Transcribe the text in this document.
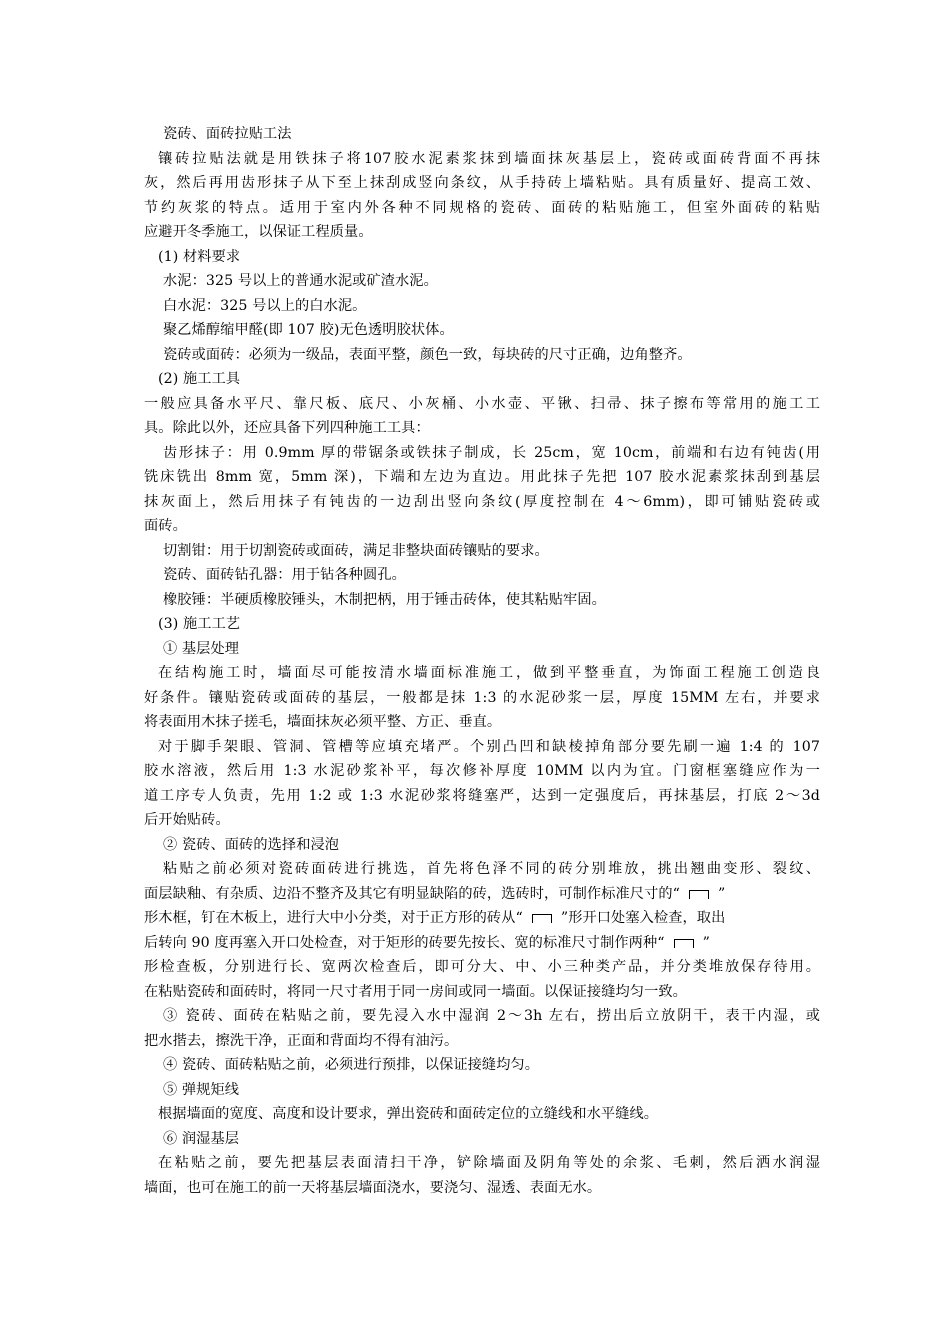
瓷砖、面砖拉贴工法
镶砖拉贴法就是用铁抹子将107胶水泥素浆抹到墙面抹灰基层上，瓷砖或面砖背面不再抹
灰，然后再用齿形抹子从下至上抹刮成竖向条纹，从手持砖上墙粘贴。具有质量好、提高工效、
节约灰浆的特点。适用于室内外各种不同规格的瓷砖、面砖的粘贴施工，但室外面砖的粘贴
应避开冬季施工，以保证工程质量。
(1) 材料要求
水泥：325 号以上的普通水泥或矿渣水泥。
白水泥：325 号以上的白水泥。
聚乙烯醇缩甲醛(即 107 胶)无色透明胶状体。
瓷砖或面砖：必须为一级品，表面平整，颜色一致，每块砖的尺寸正确，边角整齐。
(2) 施工工具
一般应具备水平尺、靠尺板、底尺、小灰桶、小水壶、平锹、扫帚、抹子擦布等常用的施工工
具。除此以外，还应具备下列四种施工工具：
齿形抹子：用 0.9mm 厚的带锯条或铁抹子制成，长 25cm，宽 10cm，前端和右边有钝齿(用
铣床铣出 8mm 宽，5mm 深)，下端和左边为直边。用此抹子先把 107 胶水泥素浆抹刮到基层
抹灰面上，然后用抹子有钝齿的一边刮出竖向条纹(厚度控制在 4～6mm)，即可铺贴瓷砖或
面砖。
切割钳：用于切割瓷砖或面砖，满足非整块面砖镶贴的要求。
瓷砖、面砖钻孔器：用于钻各种圆孔。
橡胶锤：半硬质橡胶锤头，木制把柄，用于锤击砖体，使其粘贴牢固。
(3) 施工工艺
① 基层处理
在结构施工时，墙面尽可能按清水墙面标准施工，做到平整垂直，为饰面工程施工创造良
好条件。镶贴瓷砖或面砖的基层，一般都是抹 1:3 的水泥砂浆一层，厚度 15MM 左右，并要求
将表面用木抹子搓毛，墙面抹灰必须平整、方正、垂直。
对于脚手架眼、管洞、管槽等应填充堵严。个别凸凹和缺棱掉角部分要先刷一遍 1:4 的 107
胶水溶液，然后用 1:3 水泥砂浆补平，每次修补厚度 10MM 以内为宜。门窗框塞缝应作为一
道工序专人负责，先用 1:2 或 1:3 水泥砂浆将缝塞严，达到一定强度后，再抹基层，打底 2～3d
后开始贴砖。
② 瓷砖、面砖的选择和浸泡
粘贴之前必须对瓷砖面砖进行挑选，首先将色泽不同的砖分别堆放，挑出翘曲变形、裂纹、
面层缺釉、有杂质、边沿不整齐及其它有明显缺陷的砖，选砖时，可制作标准尺寸的“	”
形木框，钉在木板上，进行大中小分类，对于正方形的砖从“	”形开口处塞入检查，取出
后转向 90 度再塞入开口处检查，对于矩形的砖要先按长、宽的标准尺寸制作两种“	”
形检查板，分别进行长、宽两次检查后，即可分大、中、小三种类产品，并分类堆放保存待用。
在粘贴瓷砖和面砖时，将同一尺寸者用于同一房间或同一墙面。以保证接缝均匀一致。
③ 瓷砖、面砖在粘贴之前，要先浸入水中湿润 2～3h 左右，捞出后立放阴干，表干内湿，或
把水揩去，擦洗干净，正面和背面均不得有油污。
④ 瓷砖、面砖粘贴之前，必须进行预排，以保证接缝均匀。
⑤ 弹规矩线
根据墙面的宽度、高度和设计要求，弹出瓷砖和面砖定位的立缝线和水平缝线。
⑥ 润湿基层
在粘贴之前，要先把基层表面清扫干净，铲除墙面及阴角等处的余浆、毛刺，然后洒水润湿
墙面，也可在施工的前一天将基层墙面浇水，要浇匀、湿透、表面无水。
